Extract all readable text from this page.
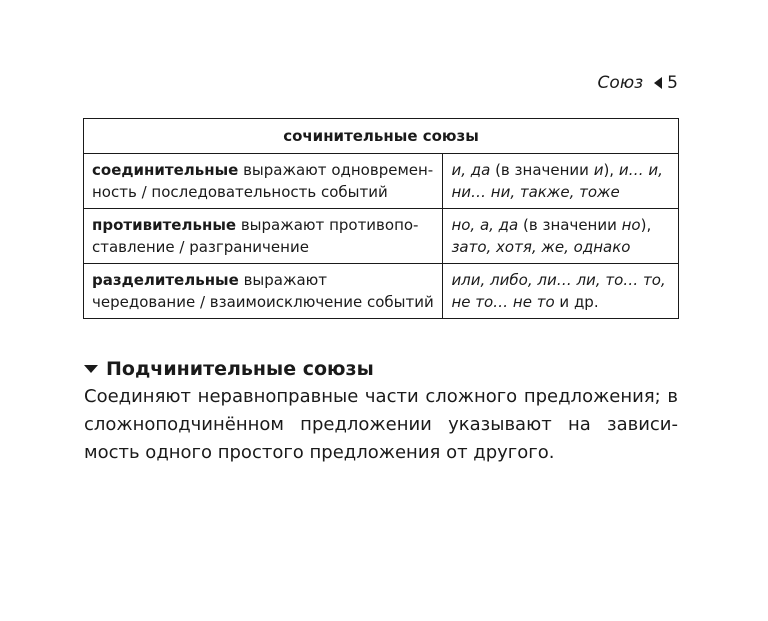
Союз 5
сочинительные союзы	
соединительные выражают одновремен-ность / последовательность событий	и, да (в значении и), и… и, ни… ни, также, тоже
противительные выражают противопо-ставление / разграничение	но, а, да (в значении но), зато, хотя, же, однако
разделительные выражают чередование / взаимоисключение событий	или, либо, ли… ли, то… то, не то… не то и др.
Подчинительные союзы

Соединяют неравноправные части сложного предложения; в сложноподчинённом предложении указывают на зависи-мость одного простого предложения от другого.
